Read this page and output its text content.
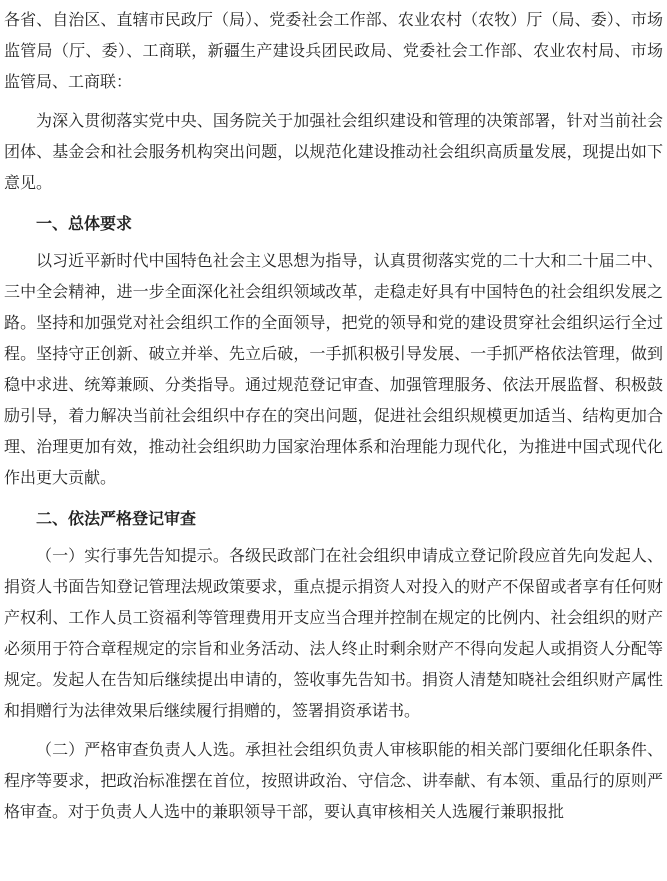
各省、自治区、直辖市民政厅（局）、党委社会工作部、农业农村（农牧）厅（局、委）、市场监管局（厅、委）、工商联，新疆生产建设兵团民政局、党委社会工作部、农业农村局、市场监管局、工商联：

为深入贯彻落实党中央、国务院关于加强社会组织建设和管理的决策部署，针对当前社会团体、基金会和社会服务机构突出问题，以规范化建设推动社会组织高质量发展，现提出如下意见。

一、总体要求

以习近平新时代中国特色社会主义思想为指导，认真贯彻落实党的二十大和二十届二中、三中全会精神，进一步全面深化社会组织领域改革，走稳走好具有中国特色的社会组织发展之路。坚持和加强党对社会组织工作的全面领导，把党的领导和党的建设贯穿社会组织运行全过程。坚持守正创新、破立并举、先立后破，一手抓积极引导发展、一手抓严格依法管理，做到稳中求进、统筹兼顾、分类指导。通过规范登记审查、加强管理服务、依法开展监督、积极鼓励引导，着力解决当前社会组织中存在的突出问题，促进社会组织规模更加适当、结构更加合理、治理更加有效，推动社会组织助力国家治理体系和治理能力现代化，为推进中国式现代化作出更大贡献。

二、依法严格登记审查

（一）实行事先告知提示。各级民政部门在社会组织申请成立登记阶段应首先向发起人、捐资人书面告知登记管理法规政策要求，重点提示捐资人对投入的财产不保留或者享有任何财产权利、工作人员工资福利等管理费用开支应当合理并控制在规定的比例内、社会组织的财产必须用于符合章程规定的宗旨和业务活动、法人终止时剩余财产不得向发起人或捐资人分配等规定。发起人在告知后继续提出申请的，签收事先告知书。捐资人清楚知晓社会组织财产属性和捐赠行为法律效果后继续履行捐赠的，签署捐资承诺书。

（二）严格审查负责人人选。承担社会组织负责人审核职能的相关部门要细化任职条件、程序等要求，把政治标准摆在首位，按照讲政治、守信念、讲奉献、有本领、重品行的原则严格审查。对于负责人人选中的兼职领导干部，要认真审核相关人选履行兼职报批
